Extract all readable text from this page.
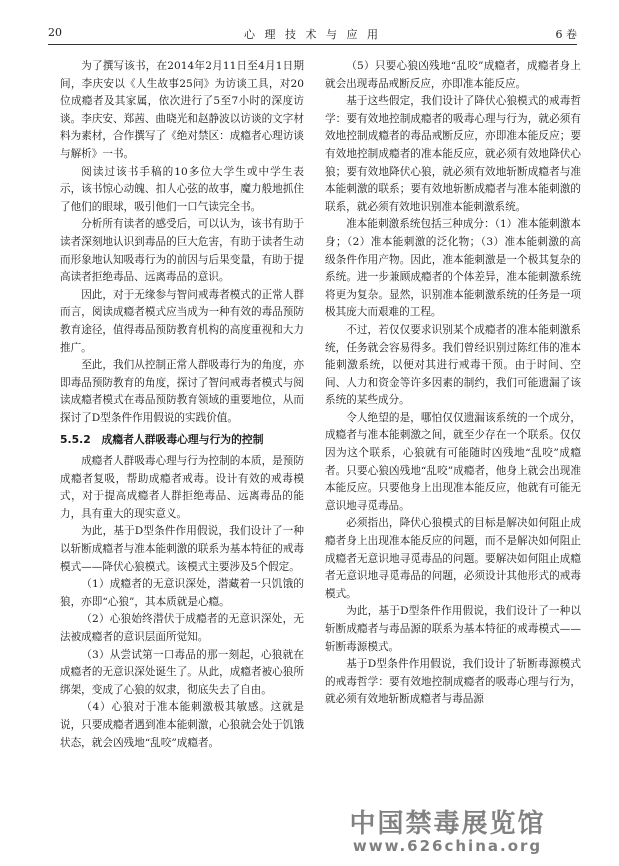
20	心 理 技 术 与 应 用	6 卷

为了撰写该书，在2014年2月11日至4月1日期间，李庆安以《人生故事25问》为访谈工具，对20位成瘾者及其家属，依次进行了5至7小时的深度访谈。李庆安、郑茜、曲晓光和赵静波以访谈的文字材料为素材，合作撰写了《绝对禁区：成瘾者心理访谈与解析》一书。

阅读过该书手稿的10多位大学生或中学生表示，该书惊心动魄、扣人心弦的故事，魔力般地抓住了他们的眼球，吸引他们一口气读完全书。

分析所有读者的感受后，可以认为，该书有助于读者深刻地认识到毒品的巨大危害，有助于读者生动而形象地认知吸毒行为的前因与后果变量，有助于提高读者拒绝毒品、远离毒品的意识。

因此，对于无缘参与智问戒毒者模式的正常人群而言，阅读成瘾者模式应当成为一种有效的毒品预防教育途径，值得毒品预防教育机构的高度重视和大力推广。

至此，我们从控制正常人群吸毒行为的角度，亦即毒品预防教育的角度，探讨了智问戒毒者模式与阅读成瘾者模式在毒品预防教育领域的重要地位，从而探讨了D型条件作用假说的实践价值。

5.5.2　成瘾者人群吸毒心理与行为的控制

成瘾者人群吸毒心理与行为控制的本质，是预防成瘾者复吸，帮助成瘾者戒毒。设计有效的戒毒模式，对于提高成瘾者人群拒绝毒品、远离毒品的能力，具有重大的现实意义。

为此，基于D型条件作用假说，我们设计了一种以斩断成瘾者与准本能刺激的联系为基本特征的戒毒模式——降伏心狼模式。该模式主要涉及5个假定。

（1）成瘾者的无意识深处，潜藏着一只饥饿的狼，亦即“心狼”，其本质就是心瘾。

（2）心狼始终潜伏于成瘾者的无意识深处，无法被成瘾者的意识层面所觉知。

（3）从尝试第一口毒品的那一刻起，心狼就在成瘾者的无意识深处诞生了。从此，成瘾者被心狼所绑架，变成了心狼的奴隶，彻底失去了自由。

（4）心狼对于准本能刺激极其敏感。这就是说，只要成瘾者遇到准本能刺激，心狼就会处于饥饿状态，就会凶残地“乱咬”成瘾者。

（5）只要心狼凶残地“乱咬”成瘾者，成瘾者身上就会出现毒品戒断反应，亦即准本能反应。

基于这些假定，我们设计了降伏心狼模式的戒毒哲学：要有效地控制成瘾者的吸毒心理与行为，就必须有效地控制成瘾者的毒品戒断反应，亦即准本能反应；要有效地控制成瘾者的准本能反应，就必须有效地降伏心狼；要有效地降伏心狼，就必须有效地斩断成瘾者与准本能刺激的联系；要有效地斩断成瘾者与准本能刺激的联系，就必须有效地识别准本能刺激系统。

准本能刺激系统包括三种成分：（1）准本能刺激本身；（2）准本能刺激的泛化物；（3）准本能刺激的高级条件作用产物。因此，准本能刺激是一个极其复杂的系统。进一步兼顾成瘾者的个体差异，准本能刺激系统将更为复杂。显然，识别准本能刺激系统的任务是一项极其庞大而艰难的工程。

不过，若仅仅要求识别某个成瘾者的准本能刺激系统，任务就会容易得多。我们曾经识别过陈红伟的准本能刺激系统，以便对其进行戒毒干预。由于时间、空间、人力和资金等许多因素的制约，我们可能遗漏了该系统的某些成分。

令人绝望的是，哪怕仅仅遗漏该系统的一个成分，成瘾者与准本能刺激之间，就至少存在一个联系。仅仅因为这个联系，心狼就有可能随时凶残地“乱咬”成瘾者。只要心狼凶残地“乱咬”成瘾者，他身上就会出现准本能反应。只要他身上出现准本能反应，他就有可能无意识地寻觅毒品。

必须指出，降伏心狼模式的目标是解决如何阻止成瘾者身上出现准本能反应的问题，而不是解决如何阻止成瘾者无意识地寻觅毒品的问题。要解决如何阻止成瘾者无意识地寻觅毒品的问题，必须设计其他形式的戒毒模式。

为此，基于D型条件作用假说，我们设计了一种以斩断成瘾者与毒品源的联系为基本特征的戒毒模式——斩断毒源模式。

基于D型条件作用假说，我们设计了斩断毒源模式的戒毒哲学：要有效地控制成瘾者的吸毒心理与行为，就必须有效地斩断成瘾者与毒品源

中国禁毒展览馆
www.626china.org
